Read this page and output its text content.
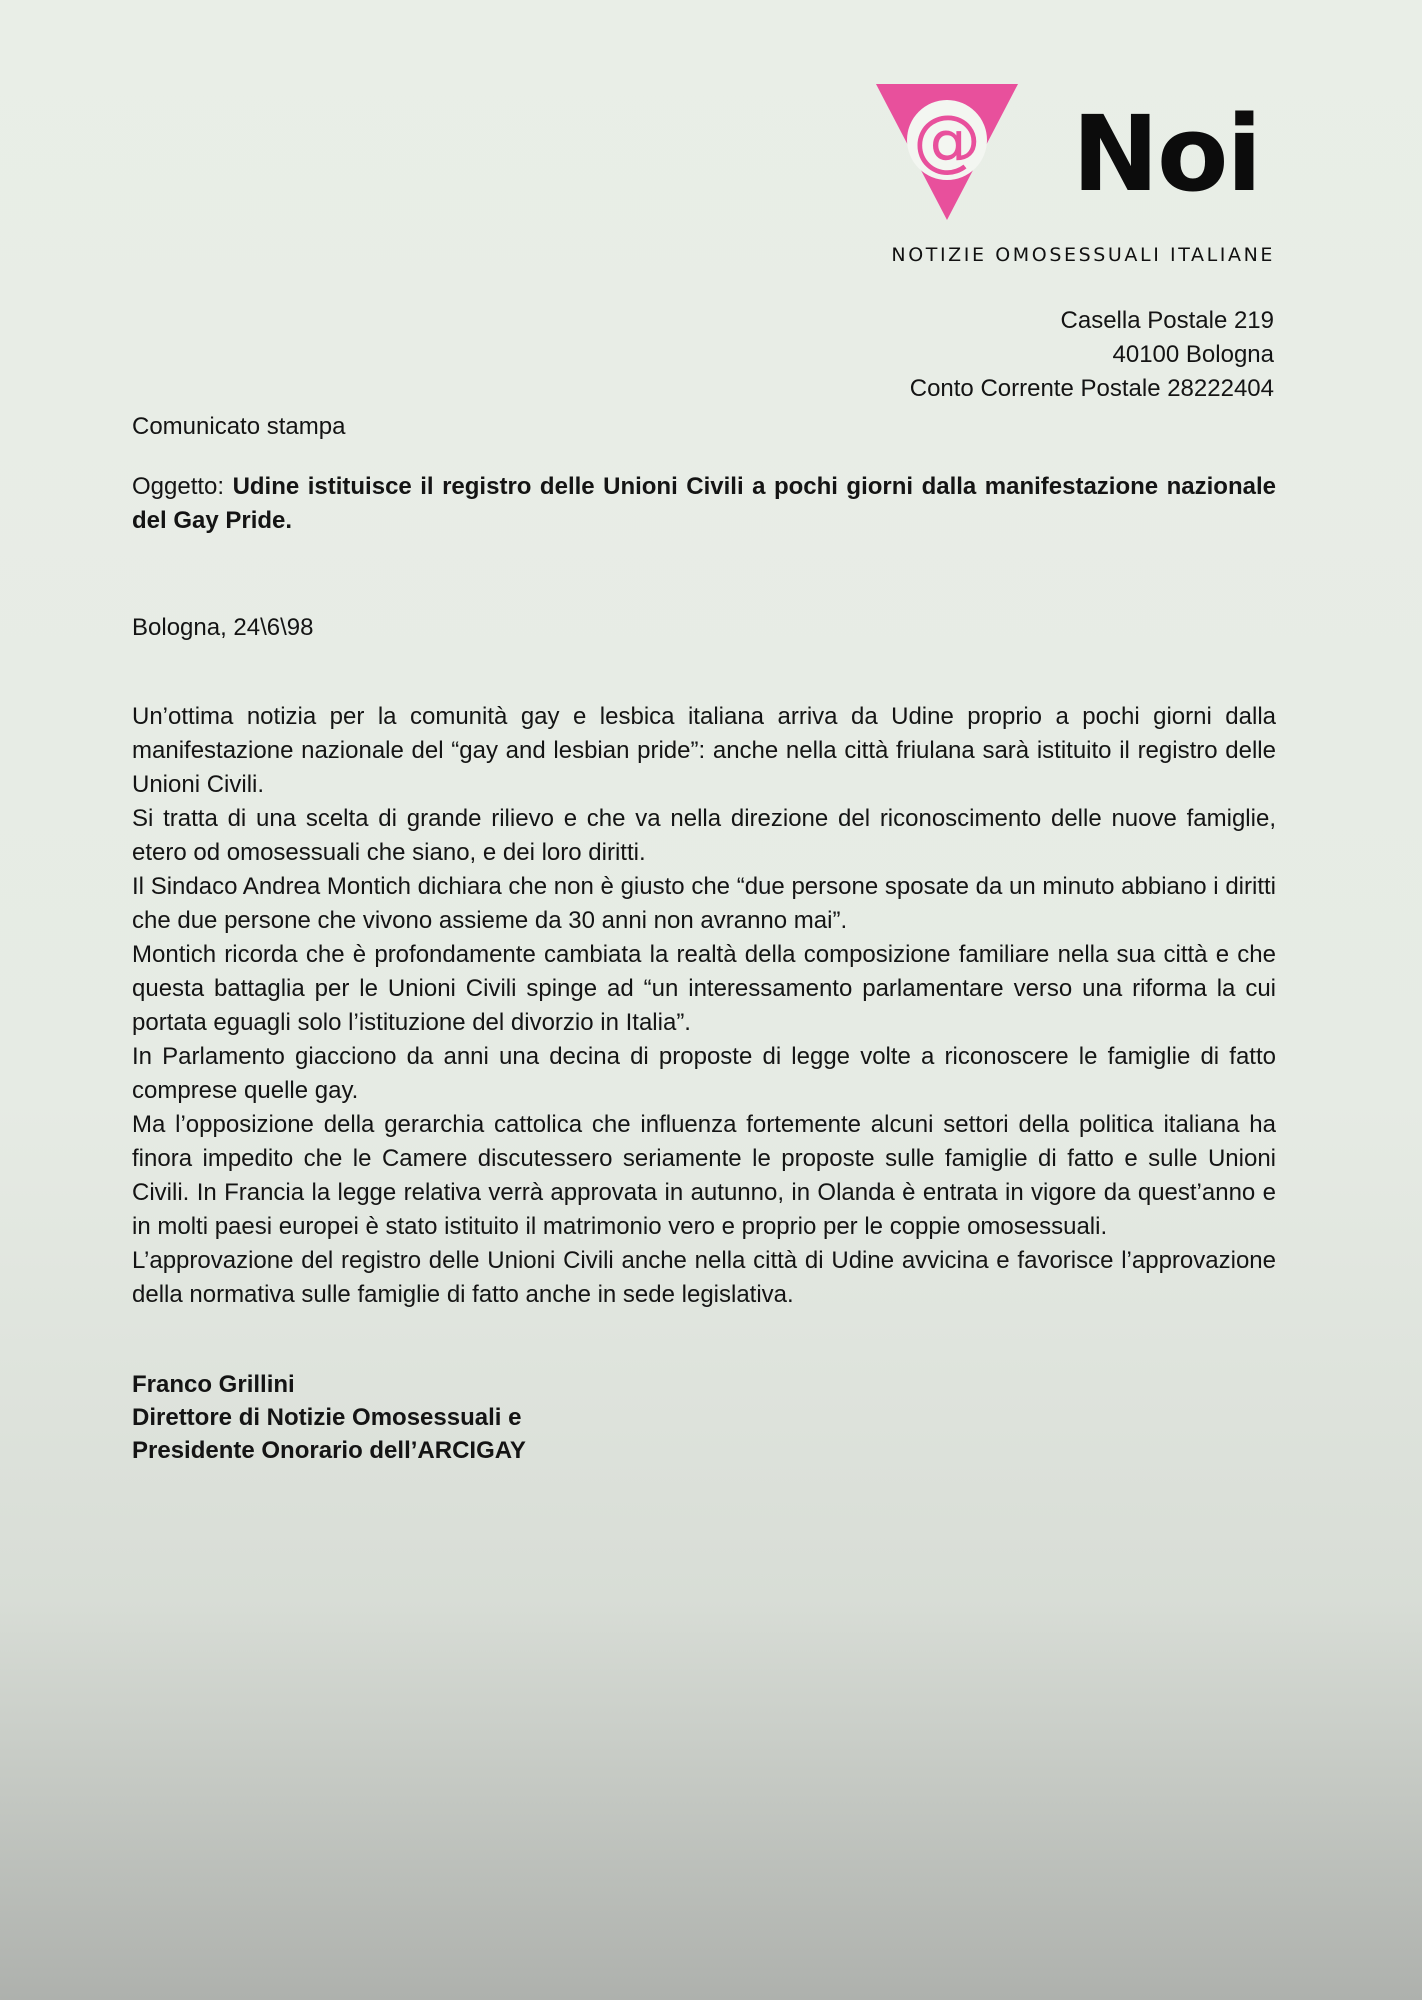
@ Noi
NOTIZIE OMOSESSUALI ITALIANE
Casella Postale 219
40100 Bologna
Conto Corrente Postale 28222404
Comunicato stampa
Oggetto: Udine istituisce il registro delle Unioni Civili a pochi giorni dalla manifestazione nazionale del Gay Pride.
Bologna, 24\6\98

Un’ottima notizia per la comunità gay e lesbica italiana arriva da Udine proprio a pochi giorni dalla manifestazione nazionale del “gay and lesbian pride”: anche nella città friulana sarà istituito il registro delle Unioni Civili.

Si tratta di una scelta di grande rilievo e che va nella direzione del riconoscimento delle nuove famiglie, etero od omosessuali che siano, e dei loro diritti.

Il Sindaco Andrea Montich dichiara che non è giusto che “due persone sposate da un minuto abbiano i diritti che due persone che vivono assieme da 30 anni non avranno mai”.

Montich ricorda che è profondamente cambiata la realtà della composizione familiare nella sua città e che questa battaglia per le Unioni Civili spinge ad “un interessamento parlamentare verso una riforma la cui portata eguagli solo l’istituzione del divorzio in Italia”.

In Parlamento giacciono da anni una decina di proposte di legge volte a riconoscere le famiglie di fatto comprese quelle gay.

Ma l’opposizione della gerarchia cattolica che influenza fortemente alcuni settori della politica italiana ha finora impedito che le Camere discutessero seriamente le proposte sulle famiglie di fatto e sulle Unioni Civili. In Francia la legge relativa verrà approvata in autunno, in Olanda è entrata in vigore da quest’anno e in molti paesi europei è stato istituito il matrimonio vero e proprio per le coppie omosessuali.

L’approvazione del registro delle Unioni Civili anche nella città di Udine avvicina e favorisce l’approvazione della normativa sulle famiglie di fatto anche in sede legislativa.

Franco Grillini
Direttore di Notizie Omosessuali e
Presidente Onorario dell’ARCIGAY
